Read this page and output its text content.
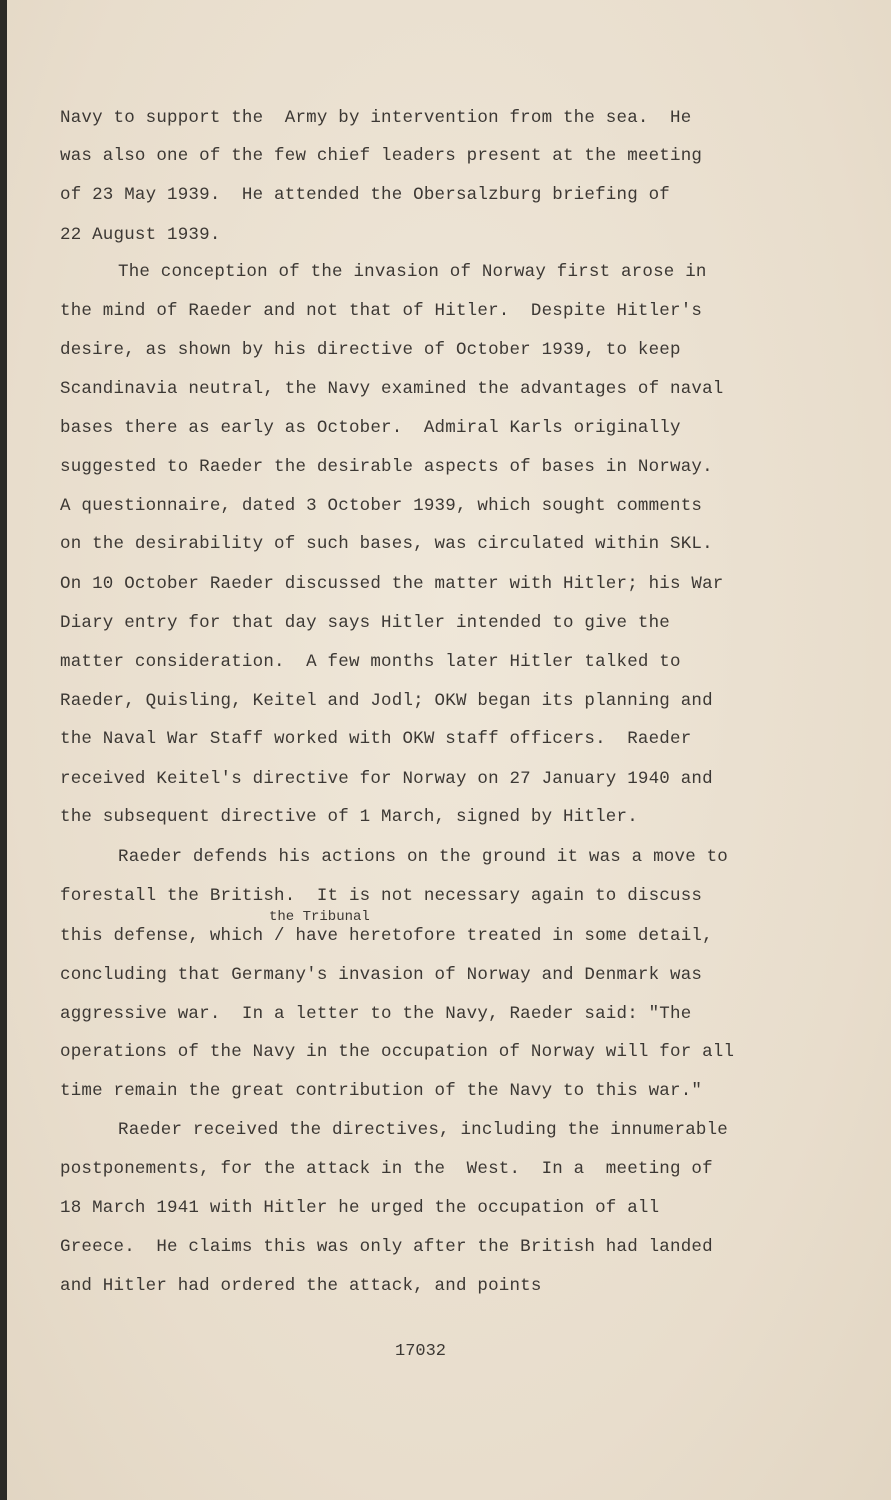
Navy to support the  Army by intervention from the sea.  He
was also one of the few chief leaders present at the meeting
of 23 May 1939.  He attended the Obersalzburg briefing of
22 August 1939.
The conception of the invasion of Norway first arose in
the mind of Raeder and not that of Hitler.  Despite Hitler's
desire, as shown by his directive of October 1939, to keep
Scandinavia neutral, the Navy examined the advantages of naval
bases there as early as October.  Admiral Karls originally
suggested to Raeder the desirable aspects of bases in Norway.
A questionnaire, dated 3 October 1939, which sought comments
on the desirability of such bases, was circulated within SKL.
On 10 October Raeder discussed the matter with Hitler; his War
Diary entry for that day says Hitler intended to give the
matter consideration.  A few months later Hitler talked to
Raeder, Quisling, Keitel and Jodl; OKW began its planning and
the Naval War Staff worked with OKW staff officers.  Raeder
received Keitel's directive for Norway on 27 January 1940 and
the subsequent directive of 1 March, signed by Hitler.
Raeder defends his actions on the ground it was a move to
forestall the British.  It is not necessary again to discuss
this defense, which / have heretofore treated in some detail,
concluding that Germany's invasion of Norway and Denmark was
aggressive war.  In a letter to the Navy, Raeder said: "The
operations of the Navy in the occupation of Norway will for all
time remain the great contribution of the Navy to this war."
Raeder received the directives, including the innumerable
postponements, for the attack in the  West.  In a  meeting of
18 March 1941 with Hitler he urged the occupation of all
Greece.  He claims this was only after the British had landed
and Hitler had ordered the attack, and points
the Tribunal
17032
